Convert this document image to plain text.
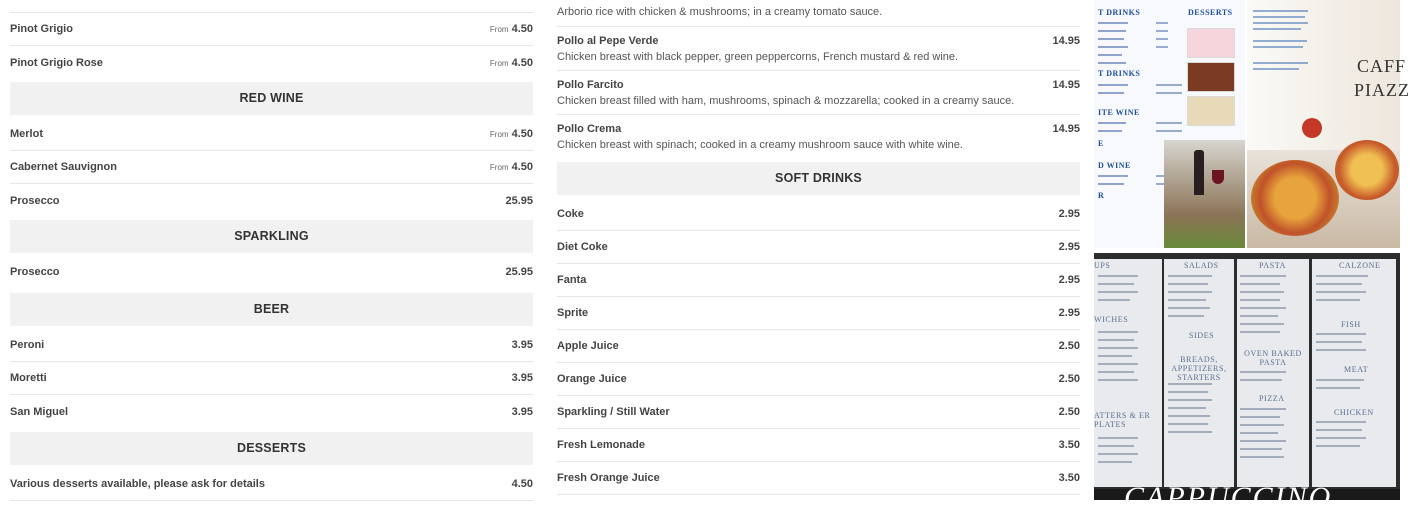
Pinot Grigio	From 4.50
Pinot Grigio Rose	From 4.50
RED WINE
Merlot	From 4.50
Cabernet Sauvignon	From 4.50
Prosecco	25.95
SPARKLING
Prosecco	25.95
BEER
Peroni	3.95
Moretti	3.95
San Miguel	3.95
DESSERTS
Various desserts available, please ask for details	4.50
Arborio rice with chicken & mushrooms; in a creamy tomato sauce.
Pollo al Pepe Verde	14.95
Chicken breast with black pepper, green peppercorns, French mustard & red wine.
Pollo Farcito	14.95
Chicken breast filled with ham, mushrooms, spinach & mozzarella; cooked in a creamy sauce.
Pollo Crema	14.95
Chicken breast with spinach; cooked in a creamy mushroom sauce with white wine.
SOFT DRINKS
Coke	2.95
Diet Coke	2.95
Fanta	2.95
Sprite	2.95
Apple Juice	2.50
Orange Juice	2.50
Sparkling / Still Water	2.50
Fresh Lemonade	3.50
Fresh Orange Juice	3.50
T DRINKS	DESSERTS
T DRINKS
ITE WINE
E
D WINE
R
CAFF
PIAZZ
UPS	SALADS	PASTA	CALZONE
WICHES
SIDES
FISH
BREADS, APPETIZERS, STARTERS
OVEN BAKED PASTA
MEAT
PIZZA
CHICKEN
ATTERS & ER PLATES
CAPPUCCINO
